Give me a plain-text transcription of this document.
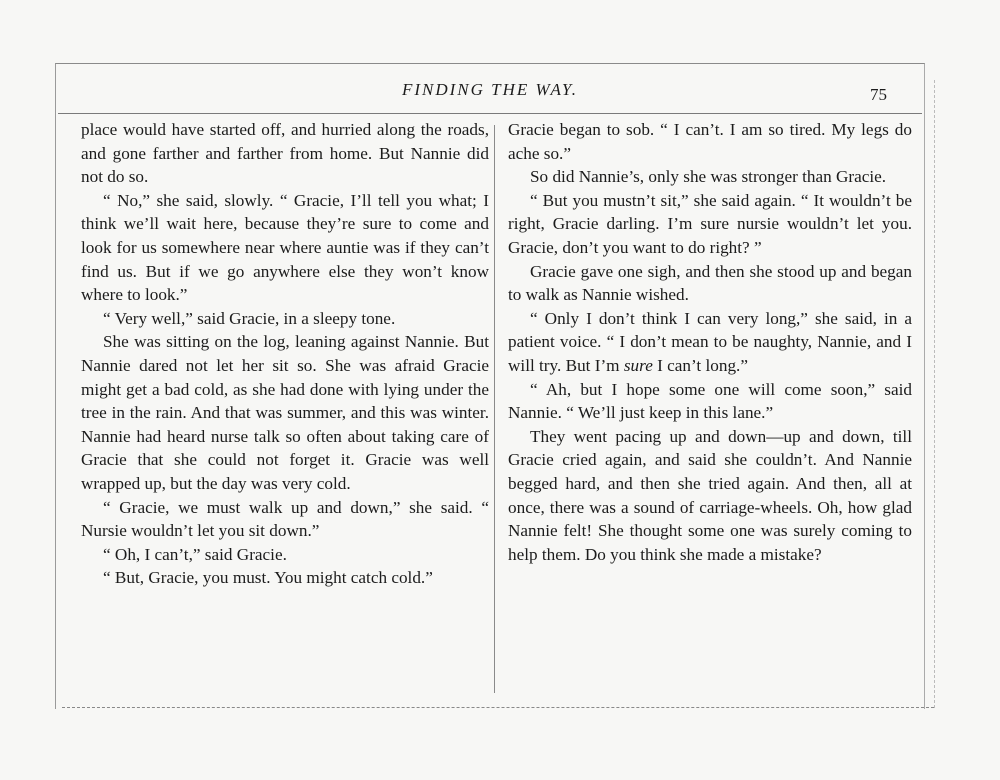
FINDING THE WAY.	75

place would have started off, and hurried along the roads, and gone farther and farther from home. But Nannie did not do so.

“ No,” she said, slowly. “ Gracie, I’ll tell you what; I think we’ll wait here, because they’re sure to come and look for us somewhere near where auntie was if they can’t find us. But if we go anywhere else they won’t know where to look.”

“ Very well,” said Gracie, in a sleepy tone.

She was sitting on the log, leaning against Nannie. But Nannie dared not let her sit so. She was afraid Gracie might get a bad cold, as she had done with lying under the tree in the rain. And that was summer, and this was winter. Nannie had heard nurse talk so often about taking care of Gracie that she could not forget it. Gracie was well wrapped up, but the day was very cold.

“ Gracie, we must walk up and down,” she said. “ Nursie wouldn’t let you sit down.”

“ Oh, I can’t,” said Gracie.

“ But, Gracie, you must. You might catch cold.”

Gracie began to sob. “ I can’t. I am so tired. My legs do ache so.”

So did Nannie’s, only she was stronger than Gracie.

“ But you mustn’t sit,” she said again. “ It wouldn’t be right, Gracie darling. I’m sure nursie wouldn’t let you. Gracie, don’t you want to do right? ”

Gracie gave one sigh, and then she stood up and began to walk as Nannie wished.

“ Only I don’t think I can very long,” she said, in a patient voice. “ I don’t mean to be naughty, Nannie, and I will try. But I’m sure I can’t long.”

“ Ah, but I hope some one will come soon,” said Nannie. “ We’ll just keep in this lane.”

They went pacing up and down—up and down, till Gracie cried again, and said she couldn’t. And Nannie begged hard, and then she tried again. And then, all at once, there was a sound of carriage-wheels. Oh, how glad Nannie felt! She thought some one was surely coming to help them. Do you think she made a mistake?
